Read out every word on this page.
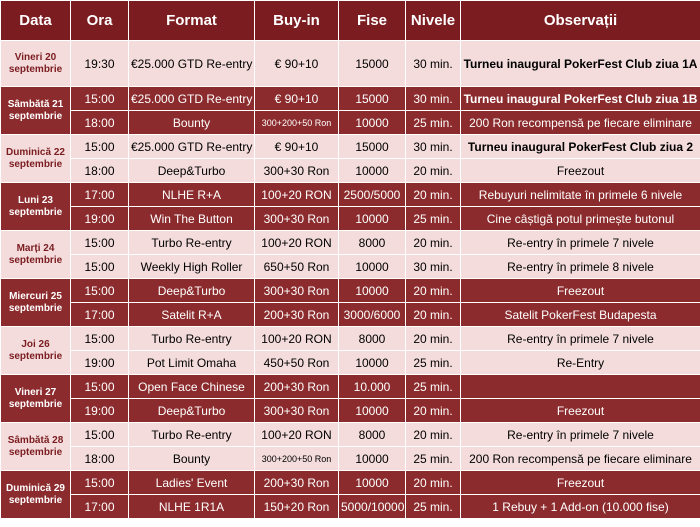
Data	Ora	Format	Buy-in	Fise	Nivele	Observații
Vineri 20 septembrie	19:30	€25.000 GTD Re-entry	€ 90+10	15000	30 min.	Turneu inaugural PokerFest Club ziua 1A
Sâmbătă 21 septembrie	15:00	€25.000 GTD Re-entry	€ 90+10	15000	30 min.	Turneu inaugural PokerFest Club ziua 1B
	18:00	Bounty	300+200+50 Ron	10000	25 min.	200 Ron recompensă pe fiecare eliminare
Duminică 22 septembrie	15:00	€25.000 GTD Re-entry	€ 90+10	15000	30 min.	Turneu inaugural PokerFest Club ziua 2
	18:00	Deep&Turbo	300+30 Ron	10000	20 min.	Freezout
Luni 23 septembrie	17:00	NLHE R+A	100+20 RON	2500/5000	20 min.	Rebuyuri nelimitate în primele 6 nivele
	19:00	Win The Button	300+30 Ron	10000	25 min.	Cine câștigă potul primește butonul
Marți 24 septembrie	15:00	Turbo Re-entry	100+20 RON	8000	20 min.	Re-entry în primele 7 nivele
	15:00	Weekly High Roller	650+50 Ron	10000	30 min.	Re-entry în primele 8 nivele
Miercuri 25 septembrie	15:00	Deep&Turbo	300+30 Ron	10000	20 min.	Freezout
	17:00	Satelit R+A	200+30 Ron	3000/6000	20 min.	Satelit PokerFest Budapesta
Joi 26 septembrie	15:00	Turbo Re-entry	100+20 RON	8000	20 min.	Re-entry în primele 7 nivele
	19:00	Pot Limit Omaha	450+50 Ron	10000	25 min.	Re-Entry
Vineri 27 septembrie	15:00	Open Face Chinese	200+30 Ron	10.000	25 min.	
	19:00	Deep&Turbo	300+30 Ron	10000	20 min.	Freezout
Sâmbătă 28 septembrie	15:00	Turbo Re-entry	100+20 RON	8000	20 min.	Re-entry în primele 7 nivele
	18:00	Bounty	300+200+50 Ron	10000	25 min.	200 Ron recompensă pe fiecare eliminare
Duminică 29 septembrie	15:00	Ladies' Event	200+30 Ron	10000	20 min.	Freezout
	17:00	NLHE 1R1A	150+20 Ron	5000/10000	25 min.	1 Rebuy + 1 Add-on (10.000 fise)
